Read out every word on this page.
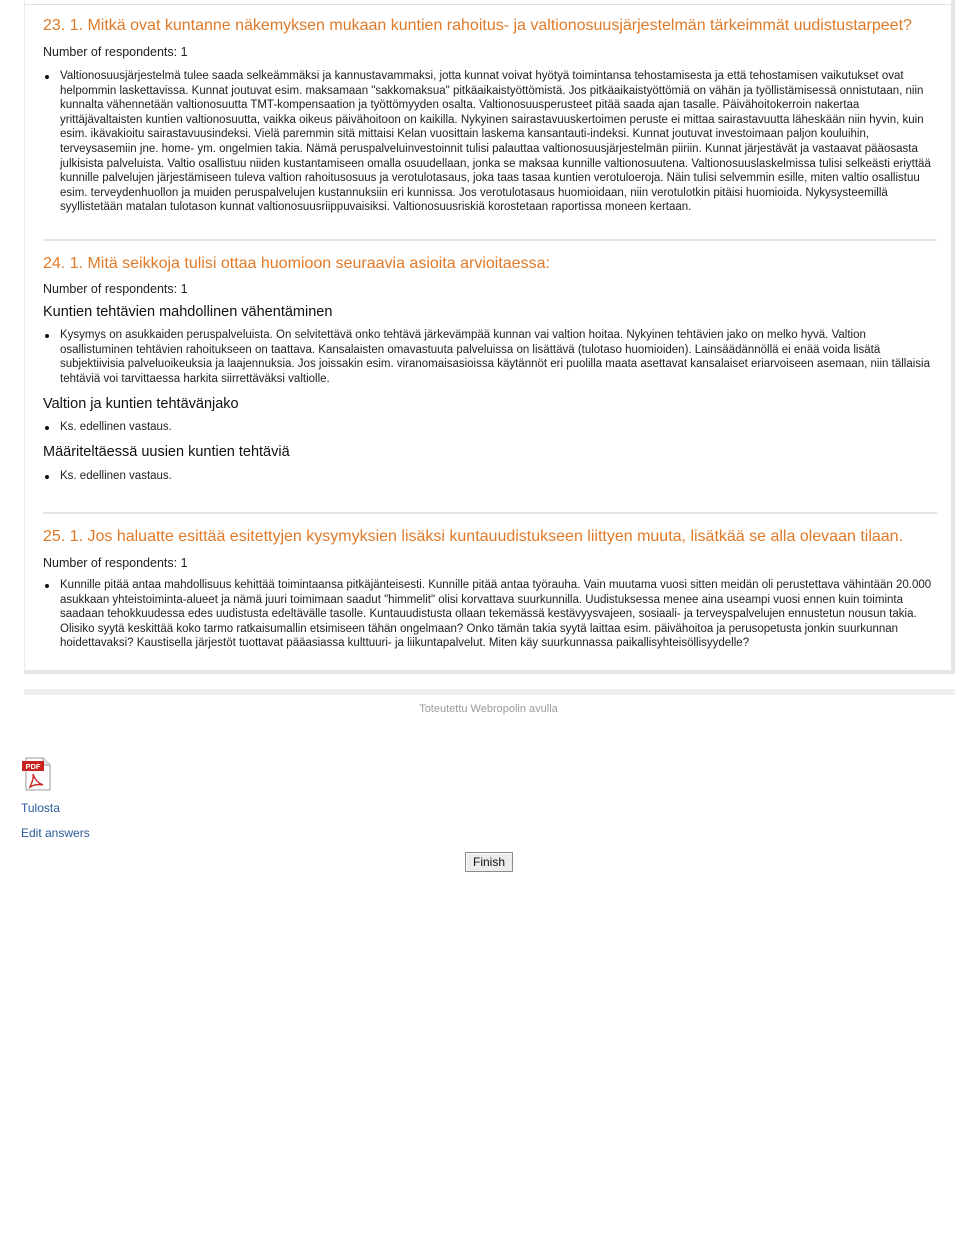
23. 1. Mitkä ovat kuntanne näkemyksen mukaan kuntien rahoitus- ja valtionosuusjärjestelmän tärkeimmät uudistustarpeet?
Number of respondents: 1
Valtionosuusjärjestelmä tulee saada selkeämmäksi ja kannustavammaksi, jotta kunnat voivat hyötyä toimintansa tehostamisesta ja että tehostamisen vaikutukset ovat helpommin laskettavissa. Kunnat joutuvat esim. maksamaan "sakkomaksua" pitkäaikaistyöttömistä. Jos pitkäaikaistyöttömiä on vähän ja työllistämisessä onnistutaan, niin kunnalta vähennetään valtionosuutta TMT-kompensaation ja työttömyyden osalta. Valtionosuusperusteet pitää saada ajan tasalle. Päivähoitokerroin nakertaa yrittäjävaltaisten kuntien valtionosuutta, vaikka oikeus päivähoitoon on kaikilla. Nykyinen sairastavuuskertoimen peruste ei mittaa sairastavuutta läheskään niin hyvin, kuin esim. ikävakioitu sairastavuusindeksi. Vielä paremmin sitä mittaisi Kelan vuosittain laskema kansantauti-indeksi. Kunnat joutuvat investoimaan paljon kouluihin, terveysasemiin jne. home- ym. ongelmien takia. Nämä peruspalveluinvestoinnit tulisi palauttaa valtionosuusjärjestelmän piiriin. Kunnat järjestävät ja vastaavat pääosasta julkisista palveluista. Valtio osallistuu niiden kustantamiseen omalla osuudellaan, jonka se maksaa kunnille valtionosuutena. Valtionosuuslaskelmissa tulisi selkeästi eriyttää kunnille palvelujen järjestämiseen tuleva valtion rahoitusosuus ja verotulotasaus, joka taas tasaa kuntien verotuloeroja. Näin tulisi selvemmin esille, miten valtio osallistuu esim. terveydenhuollon ja muiden peruspalvelujen kustannuksiin eri kunnissa. Jos verotulotasaus huomioidaan, niin verotulotkin pitäisi huomioida. Nykysysteemillä syyllistetään matalan tulotason kunnat valtionosuusriippuvaisiksi. Valtionosuusriskiä korostetaan raportissa moneen kertaan.
24. 1. Mitä seikkoja tulisi ottaa huomioon seuraavia asioita arvioitaessa:
Number of respondents: 1
Kuntien tehtävien mahdollinen vähentäminen
Kysymys on asukkaiden peruspalveluista. On selvitettävä onko tehtävä järkevämpää kunnan vai valtion hoitaa. Nykyinen tehtävien jako on melko hyvä. Valtion osallistuminen tehtävien rahoitukseen on taattava. Kansalaisten omavastuuta palveluissa on lisättävä (tulotaso huomioiden). Lainsäädännöllä ei enää voida lisätä subjektiivisia palveluoikeuksia ja laajennuksia. Jos joissakin esim. viranomaisasioissa käytännöt eri puolilla maata asettavat kansalaiset eriarvoiseen asemaan, niin tällaisia tehtäviä voi tarvittaessa harkita siirrettäväksi valtiolle.
Valtion ja kuntien tehtävänjako
Ks. edellinen vastaus.
Määriteltäessä uusien kuntien tehtäviä
Ks. edellinen vastaus.
25. 1. Jos haluatte esittää esitettyjen kysymyksien lisäksi kuntauudistukseen liittyen muuta, lisätkää se alla olevaan tilaan.
Number of respondents: 1
Kunnille pitää antaa mahdollisuus kehittää toimintaansa pitkäjänteisesti. Kunnille pitää antaa työrauha. Vain muutama vuosi sitten meidän oli perustettava vähintään 20.000 asukkaan yhteistoiminta-alueet ja nämä juuri toimimaan saadut "himmelit" olisi korvattava suurkunnilla. Uudistuksessa menee aina useampi vuosi ennen kuin toiminta saadaan tehokkuudessa edes uudistusta edeltävälle tasolle. Kuntauudistusta ollaan tekemässä kestävyysvajeen, sosiaali- ja terveyspalvelujen ennustetun nousun takia. Olisiko syytä keskittää koko tarmo ratkaisumallin etsimiseen tähän ongelmaan? Onko tämän takia syytä laittaa esim. päivähoitoa ja perusopetusta jonkin suurkunnan hoidettavaksi? Kaustisella järjestöt tuottavat pääasiassa kulttuuri- ja liikuntapalvelut. Miten käy suurkunnassa paikallisyhteisöllisyydelle?
Toteutettu Webropolin avulla
PDF
Tulosta
Edit answers
Finish
